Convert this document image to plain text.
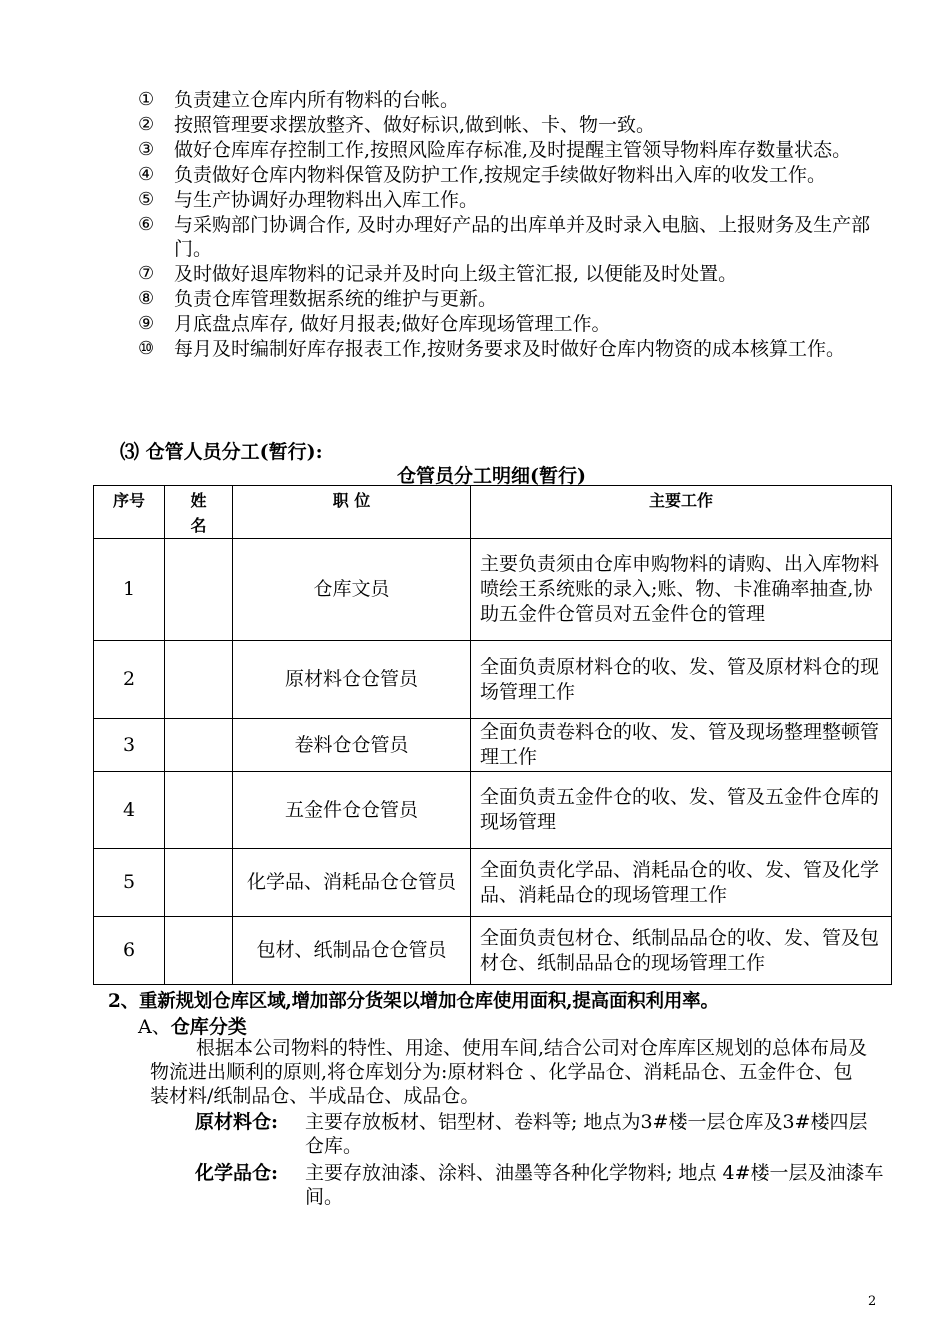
① 负责建立仓库内所有物料的台帐。
② 按照管理要求摆放整齐、做好标识,做到帐、卡、物一致。
③ 做好仓库库存控制工作,按照风险库存标准,及时提醒主管领导物料库存数量状态。
④ 负责做好仓库内物料保管及防护工作,按规定手续做好物料出入库的收发工作。
⑤ 与生产协调好办理物料出入库工作。
⑥ 与采购部门协调合作, 及时办理好产品的出库单并及时录入电脑、上报财务及生产部门。
⑦ 及时做好退库物料的记录并及时向上级主管汇报, 以便能及时处置。
⑧ 负责仓库管理数据系统的维护与更新。
⑨ 月底盘点库存, 做好月报表;做好仓库现场管理工作。
⑩ 每月及时编制好库存报表工作,按财务要求及时做好仓库内物资的成本核算工作。
⑶ 仓管人员分工(暂行):
仓管员分工明细(暂行)
序号	姓 名	职 位	主要工作
1		仓库文员	主要负责须由仓库申购物料的请购、出入库物料喷绘王系统账的录入;账、物、卡准确率抽查,协助五金件仓管员对五金件仓的管理
2		原材料仓仓管员	全面负责原材料仓的收、发、管及原材料仓的现场管理工作
3		卷料仓仓管员	全面负责卷料仓的收、发、管及现场整理整顿管理工作
4		五金件仓仓管员	全面负责五金件仓的收、发、管及五金件仓库的现场管理
5		化学品、消耗品仓仓管员	全面负责化学品、消耗品仓的收、发、管及化学品、消耗品仓的现场管理工作
6		包材、纸制品仓仓管员	全面负责包材仓、纸制品品仓的收、发、管及包材仓、纸制品品仓的现场管理工作
2、重新规划仓库区域,增加部分货架以增加仓库使用面积,提高面积利用率。
A、仓库分类
根据本公司物料的特性、用途、使用车间,结合公司对仓库库区规划的总体布局及物流进出顺利的原则,将仓库划分为:原材料仓 、化学品仓、消耗品仓、五金件仓、包装材料/纸制品仓、半成品仓、成品仓。
原材料仓: 主要存放板材、铝型材、卷料等; 地点为3#楼一层仓库及3#楼四层仓库。
化学品仓: 主要存放油漆、涂料、油墨等各种化学物料; 地点 4#楼一层及油漆车间。
2
